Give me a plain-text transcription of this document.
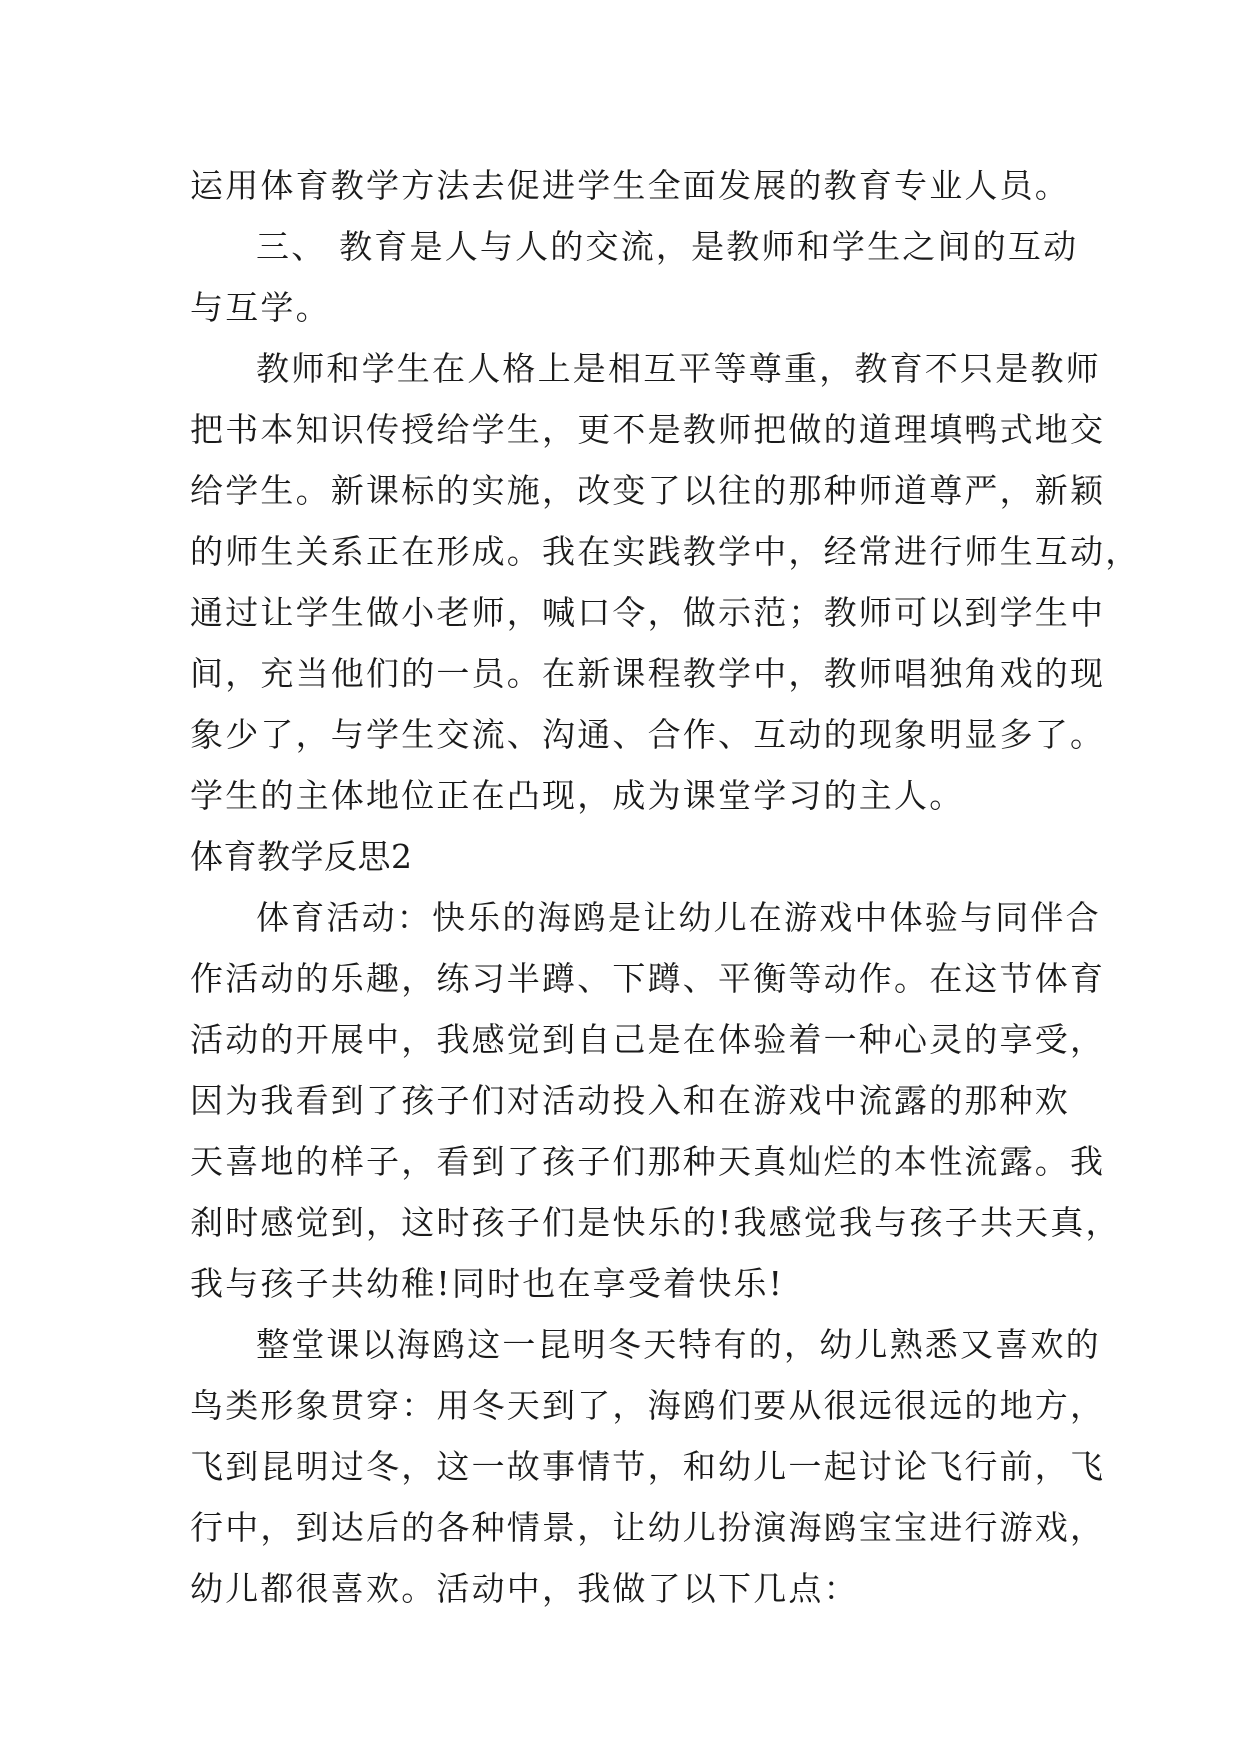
运用体育教学方法去促进学生全面发展的教育专业人员。
三、 教育是人与人的交流，是教师和学生之间的互动
与互学。
教师和学生在人格上是相互平等尊重，教育不只是教师
把书本知识传授给学生，更不是教师把做的道理填鸭式地交
给学生。新课标的实施，改变了以往的那种师道尊严，新颖
的师生关系正在形成。我在实践教学中，经常进行师生互动，
通过让学生做小老师，喊口令，做示范；教师可以到学生中
间，充当他们的一员。在新课程教学中，教师唱独角戏的现
象少了，与学生交流、沟通、合作、互动的现象明显多了。
学生的主体地位正在凸现，成为课堂学习的主人。
体育教学反思2
体育活动：快乐的海鸥是让幼儿在游戏中体验与同伴合
作活动的乐趣，练习半蹲、下蹲、平衡等动作。在这节体育
活动的开展中，我感觉到自己是在体验着一种心灵的享受，
因为我看到了孩子们对活动投入和在游戏中流露的那种欢
天喜地的样子，看到了孩子们那种天真灿烂的本性流露。我
刹时感觉到，这时孩子们是快乐的!我感觉我与孩子共天真，
我与孩子共幼稚!同时也在享受着快乐!
整堂课以海鸥这一昆明冬天特有的，幼儿熟悉又喜欢的
鸟类形象贯穿：用冬天到了，海鸥们要从很远很远的地方，
飞到昆明过冬，这一故事情节，和幼儿一起讨论飞行前，飞
行中，到达后的各种情景，让幼儿扮演海鸥宝宝进行游戏，
幼儿都很喜欢。活动中，我做了以下几点：
